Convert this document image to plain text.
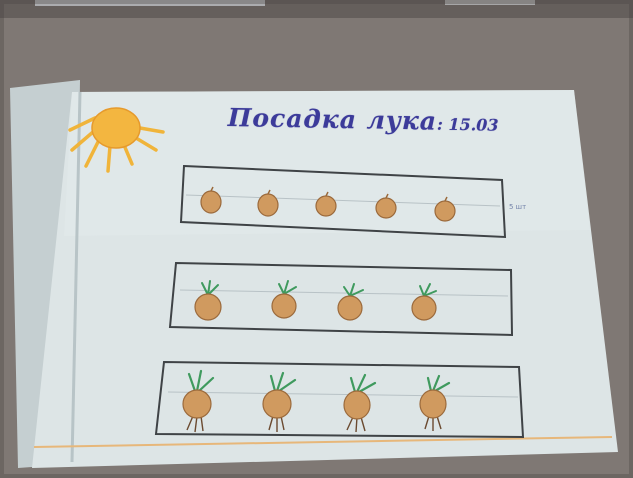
Посадка лука: 15.03
5 шт
